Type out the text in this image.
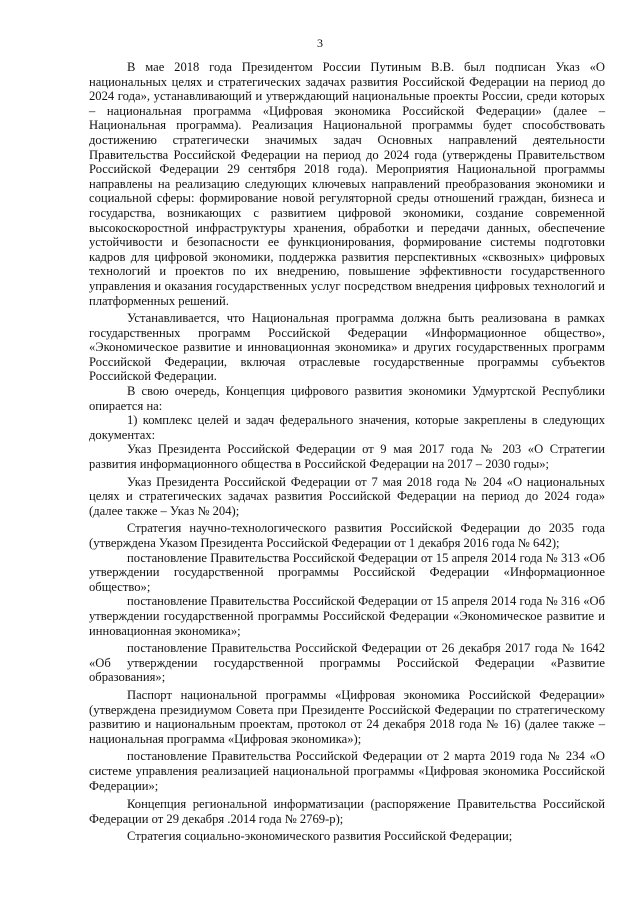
3

В мае 2018 года Президентом России Путиным В.В. был подписан Указ «О национальных целях и стратегических задачах развития Российской Федерации на период до 2024 года», устанавливающий и утверждающий национальные проекты России, среди которых – национальная программа «Цифровая экономика Российской Федерации» (далее – Национальная программа). Реализация Национальной программы будет способствовать достижению стратегически значимых задач Основных направлений деятельности Правительства Российской Федерации на период до 2024 года (утверждены Правительством Российской Федерации 29 сентября 2018 года). Мероприятия Национальной программы направлены на реализацию следующих ключевых направлений преобразования экономики и социальной сферы: формирование новой регуляторной среды отношений граждан, бизнеса и государства, возникающих с развитием цифровой экономики, создание современной высокоскоростной инфраструктуры хранения, обработки и передачи данных, обеспечение устойчивости и безопасности ее функционирования, формирование системы подготовки кадров для цифровой экономики, поддержка развития перспективных «сквозных» цифровых технологий и проектов по их внедрению, повышение эффективности государственного управления и оказания государственных услуг посредством внедрения цифровых технологий и платформенных решений.

Устанавливается, что Национальная программа должна быть реализована в рамках государственных программ Российской Федерации «Информационное общество», «Экономическое развитие и инновационная экономика» и других государственных программ Российской Федерации, включая отраслевые государственные программы субъектов Российской Федерации.

В свою очередь, Концепция цифрового развития экономики Удмуртской Республики опирается на:

1) комплекс целей и задач федерального значения, которые закреплены в следующих документах:

Указ Президента Российской Федерации от 9 мая 2017 года № 203 «О Стратегии развития информационного общества в Российской Федерации на 2017 – 2030 годы»;

Указ Президента Российской Федерации от 7 мая 2018 года № 204 «О национальных целях и стратегических задачах развития Российской Федерации на период до 2024 года» (далее также – Указ № 204);

Стратегия научно-технологического развития Российской Федерации до 2035 года (утверждена Указом Президента Российской Федерации от 1 декабря 2016 года № 642);

постановление Правительства Российской Федерации от 15 апреля 2014 года № 313 «Об утверждении государственной программы Российской Федерации «Информационное общество»;

постановление Правительства Российской Федерации от 15 апреля 2014 года № 316 «Об утверждении государственной программы Российской Федерации «Экономическое развитие и инновационная экономика»;

постановление Правительства Российской Федерации от 26 декабря 2017 года № 1642 «Об утверждении государственной программы Российской Федерации «Развитие образования»;

Паспорт национальной программы «Цифровая экономика Российской Федерации» (утверждена президиумом Совета при Президенте Российской Федерации по стратегическому развитию и национальным проектам, протокол от 24 декабря 2018 года № 16) (далее также – национальная программа «Цифровая экономика»);

постановление Правительства Российской Федерации от 2 марта 2019 года № 234 «О системе управления реализацией национальной программы «Цифровая экономика Российской Федерации»;

Концепция региональной информатизации (распоряжение Правительства Российской Федерации от 29 декабря .2014 года № 2769-р);

Стратегия социально-экономического развития Российской Федерации;
